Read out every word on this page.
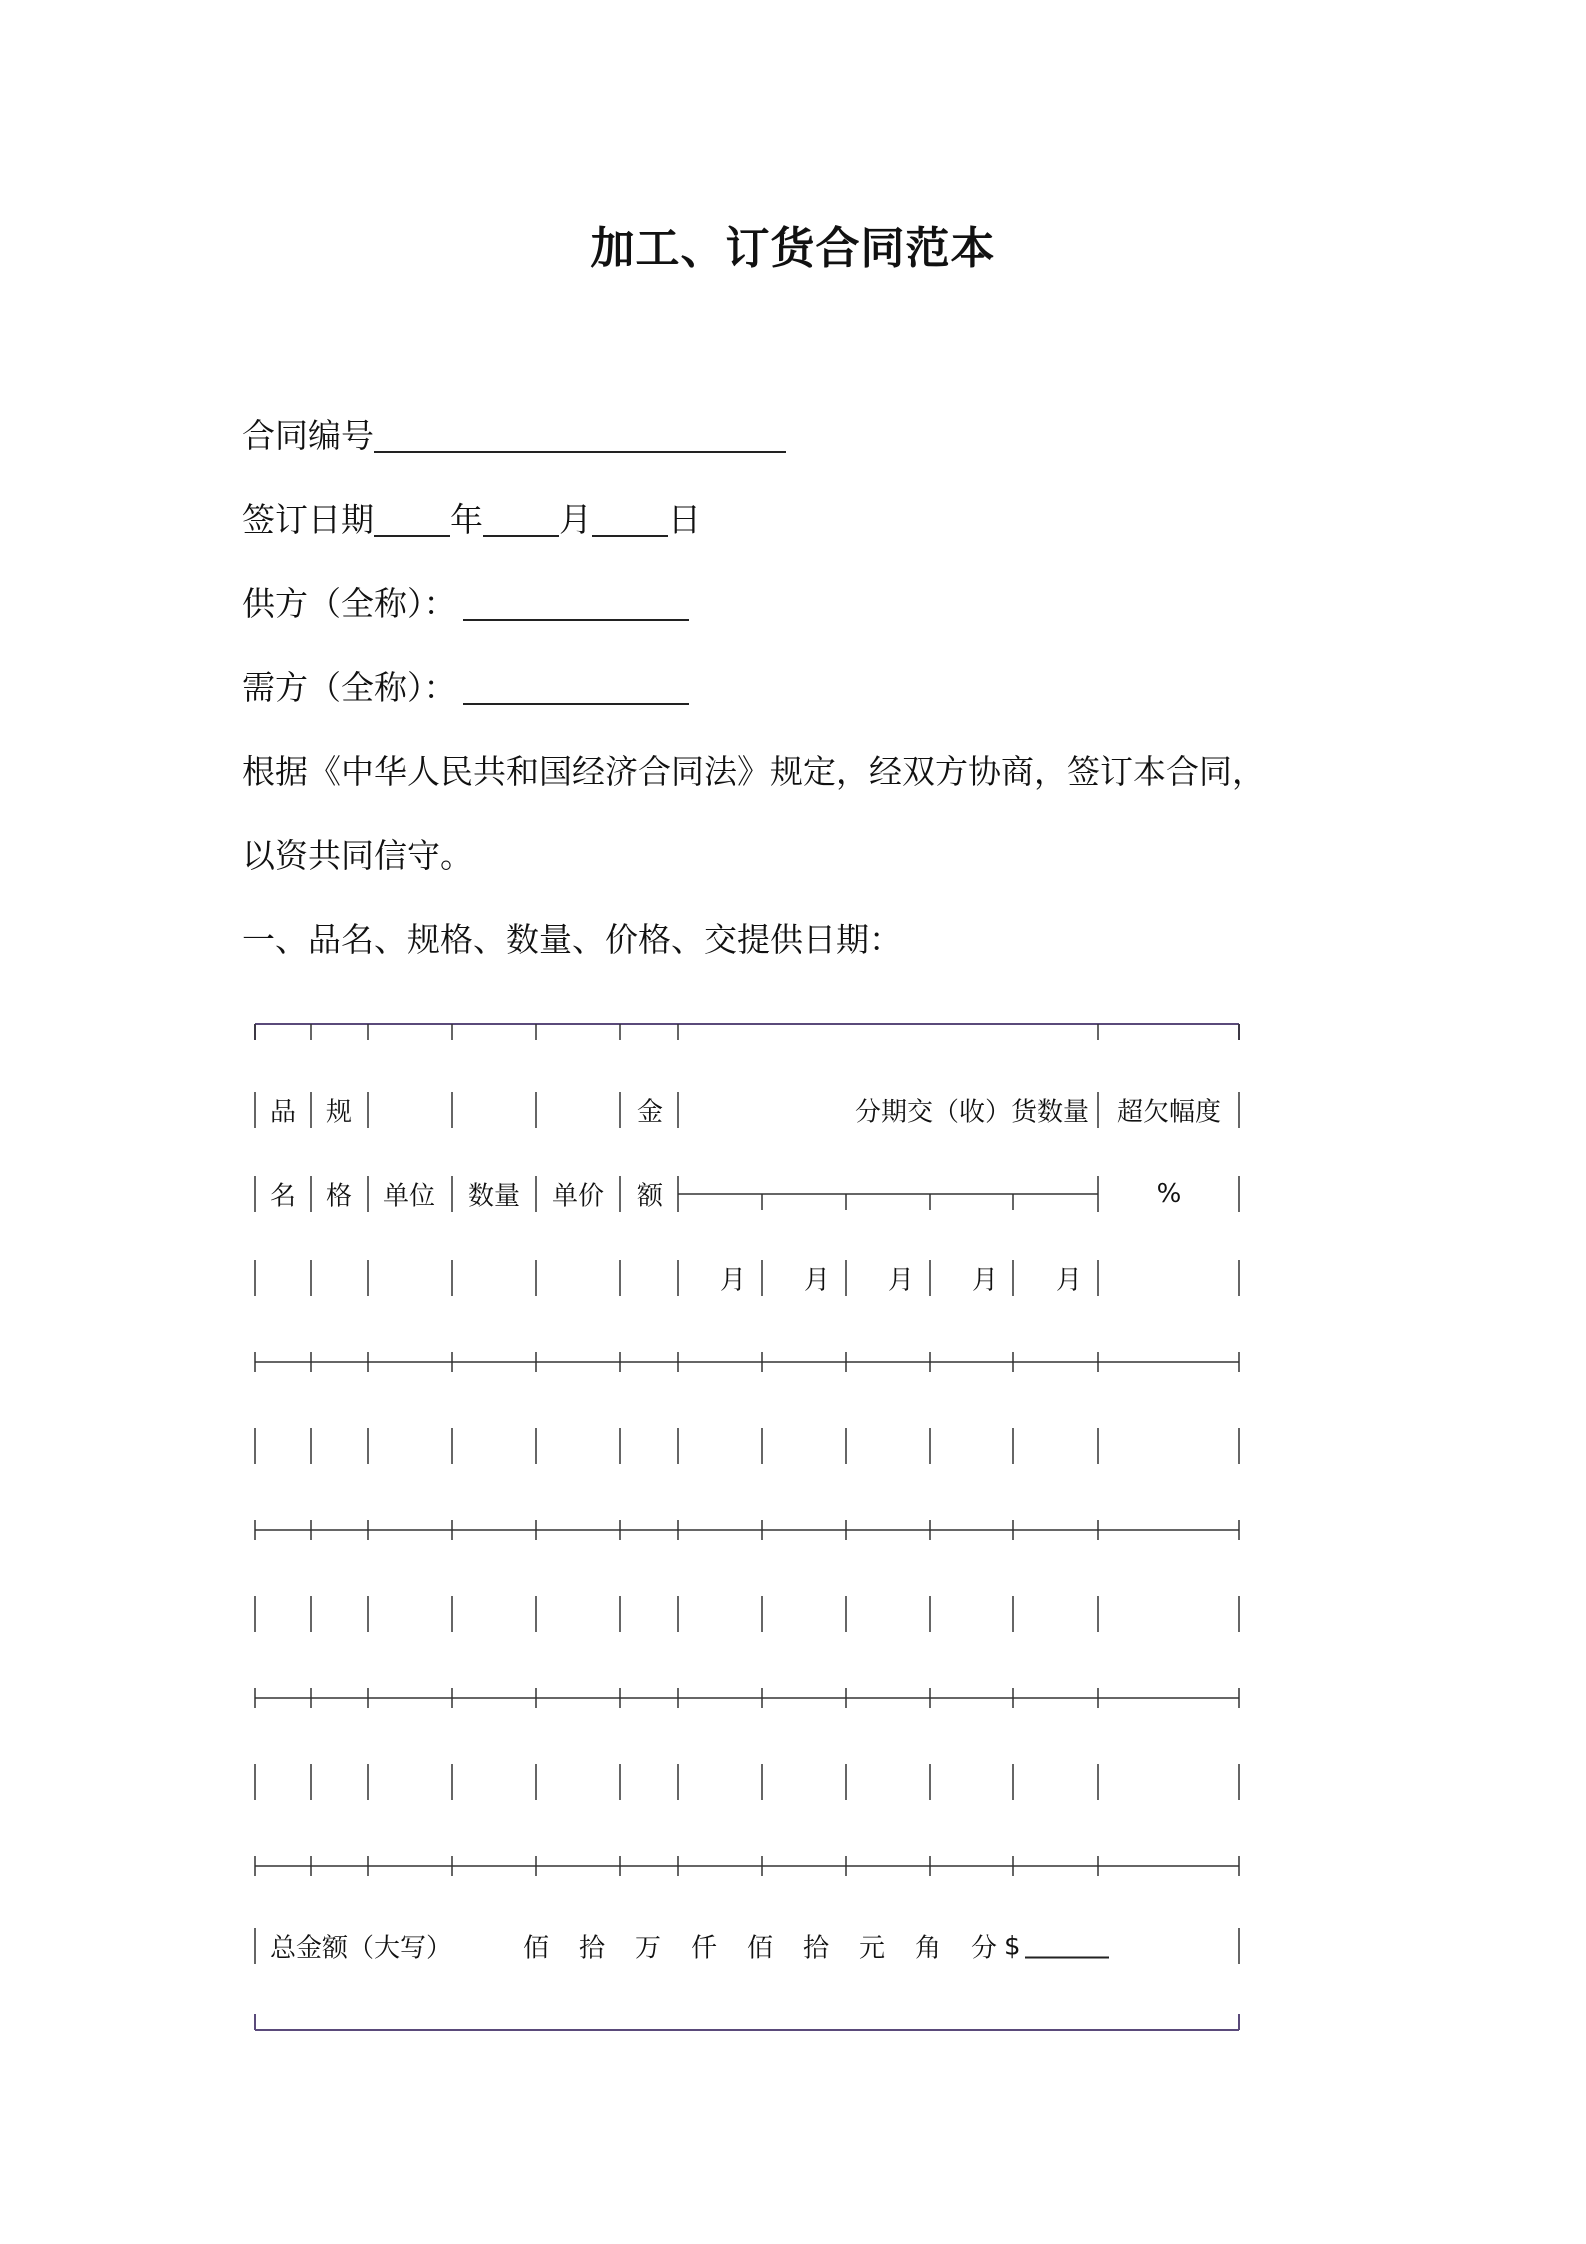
加工、订货合同范本
合同编号
签订日期 年 月 日
供方（全称）：
需方（全称）：
根据《中华人民共和国经济合同法》规定，经双方协商，签订本合同，
以资共同信守。
一、品名、规格、数量、价格、交提供日期：
品
名
规
格 单位 数量 单价
金
额
分期交（收）货数量 超欠幅度
%
月 月 月 月 月
总金额（大写）	佰 拾 万 仟 佰 拾 元 角 分 $
